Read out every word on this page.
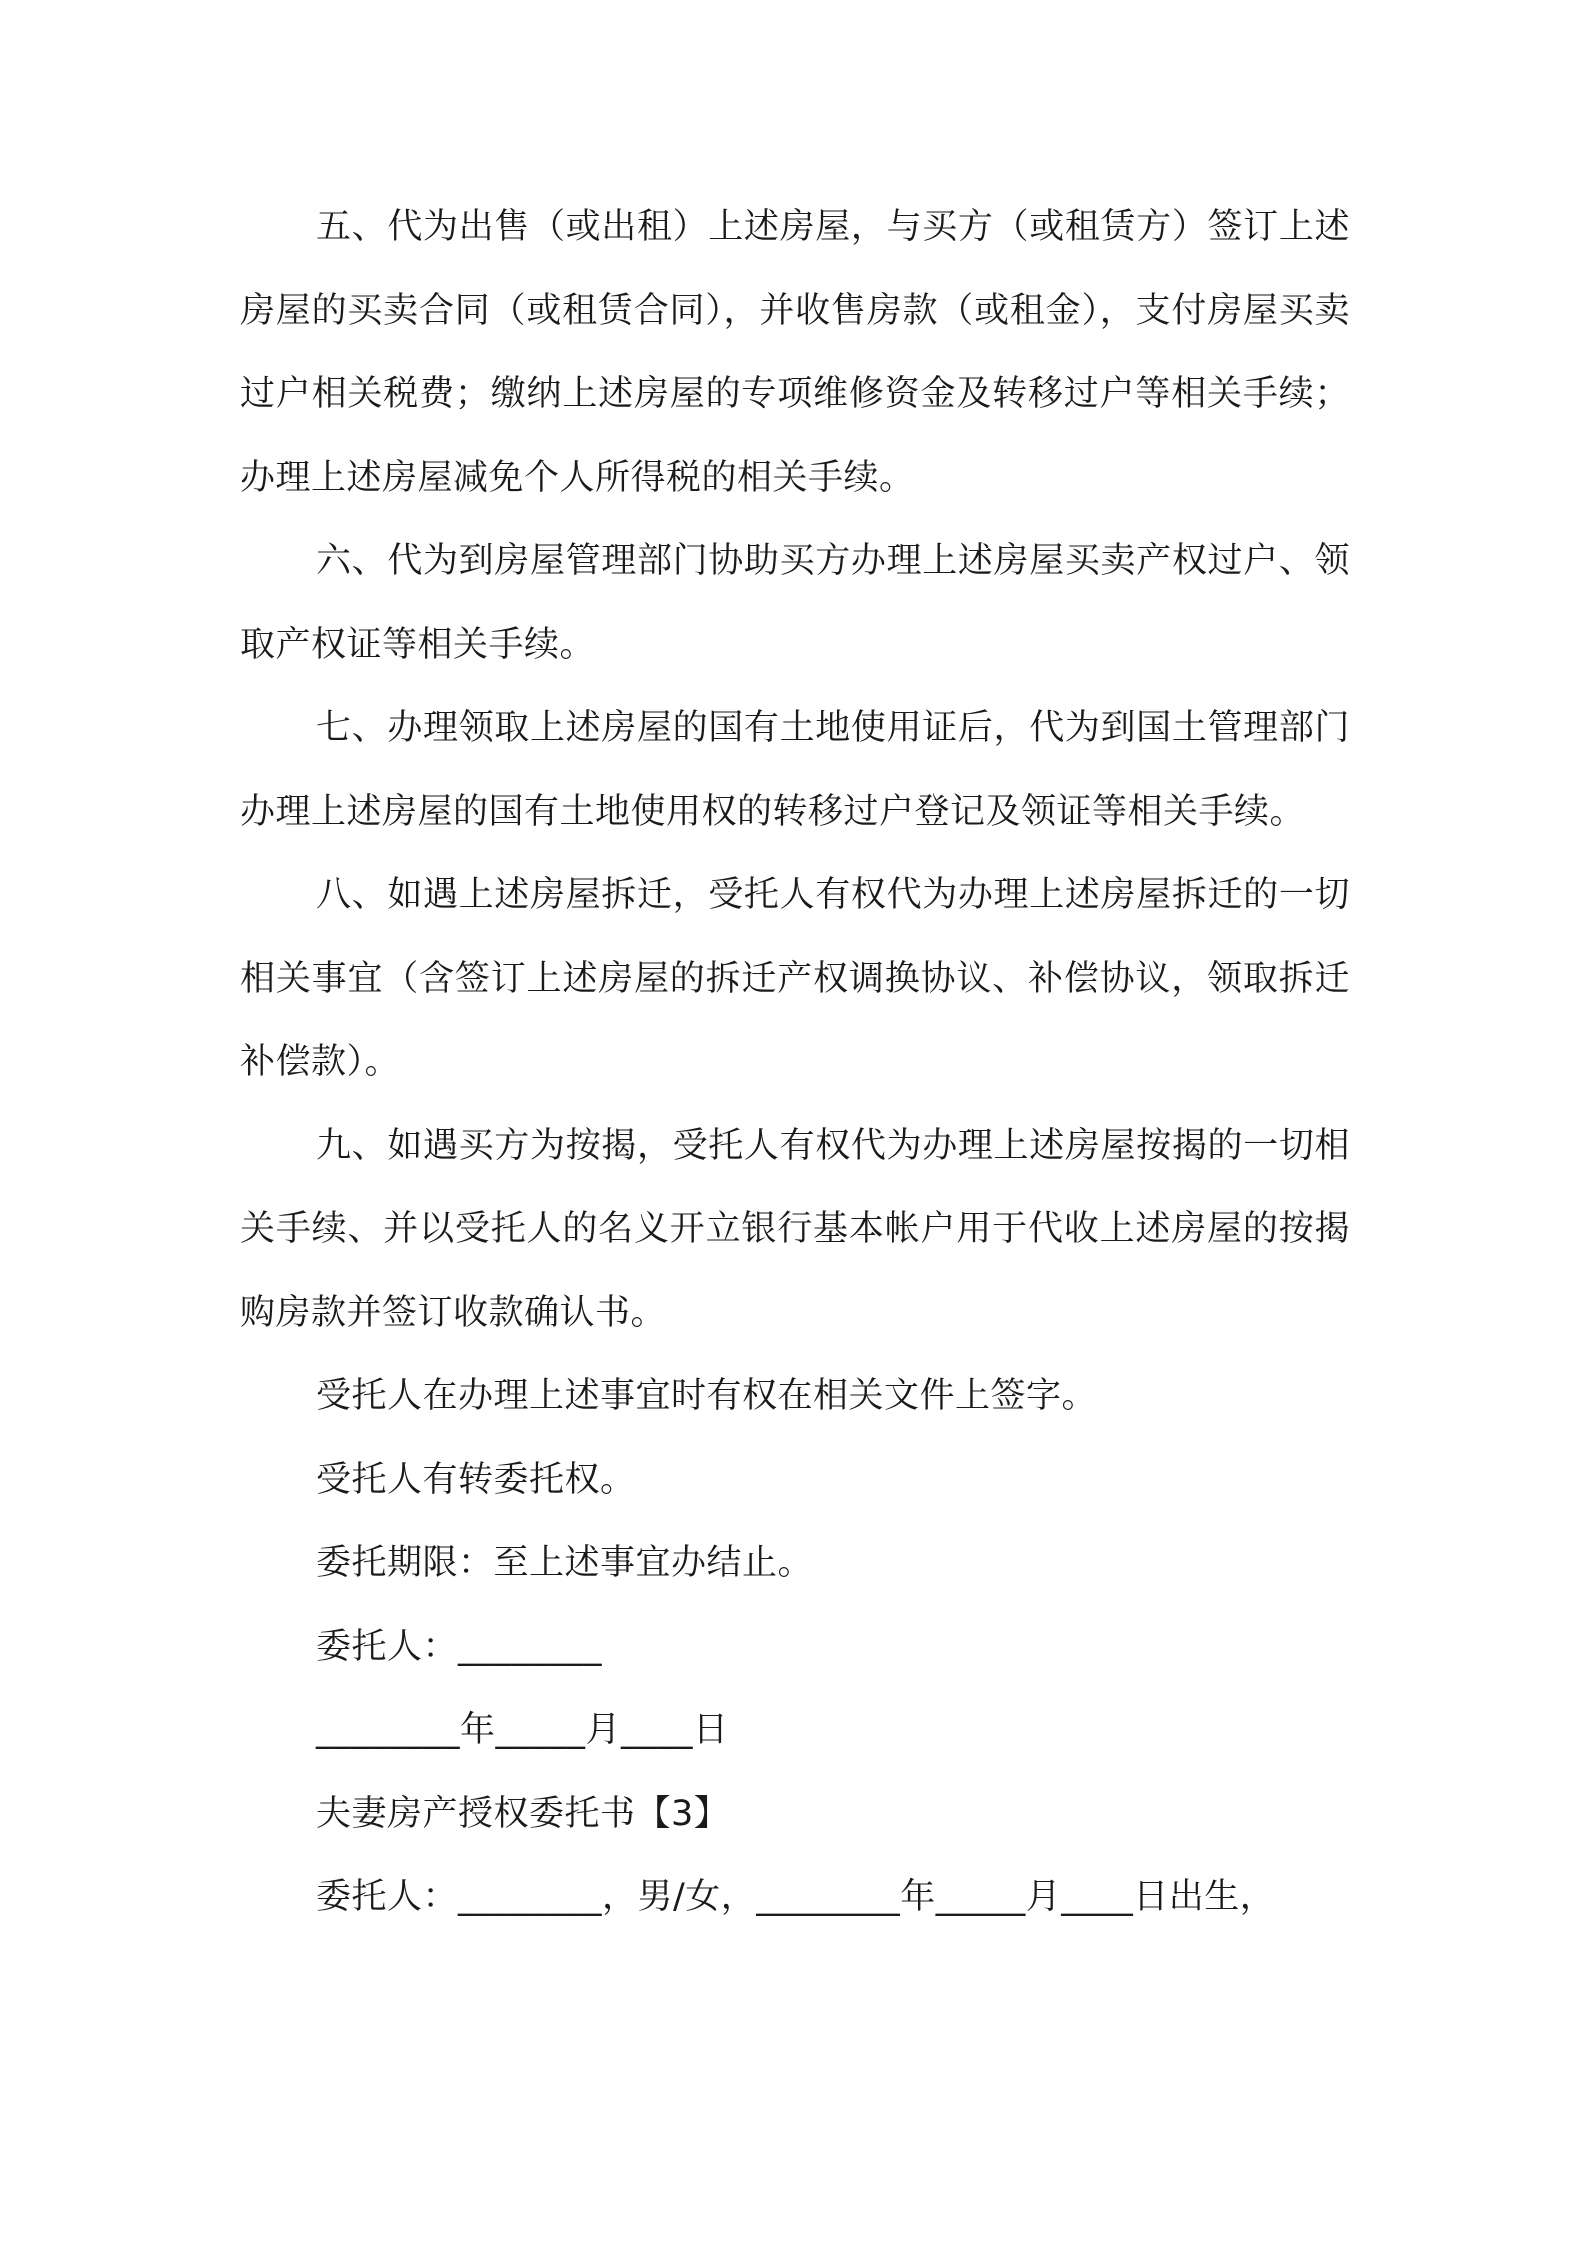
五、代为出售（或出租）上述房屋，与买方（或租赁方）签订上述房屋的买卖合同（或租赁合同），并收售房款（或租金），支付房屋买卖过户相关税费；缴纳上述房屋的专项维修资金及转移过户等相关手续；办理上述房屋减免个人所得税的相关手续。

六、代为到房屋管理部门协助买方办理上述房屋买卖产权过户、领取产权证等相关手续。

七、办理领取上述房屋的国有土地使用证后，代为到国土管理部门办理上述房屋的国有土地使用权的转移过户登记及领证等相关手续。

八、如遇上述房屋拆迁，受托人有权代为办理上述房屋拆迁的一切相关事宜（含签订上述房屋的拆迁产权调换协议、补偿协议，领取拆迁补偿款）。

九、如遇买方为按揭，受托人有权代为办理上述房屋按揭的一切相关手续、并以受托人的名义开立银行基本帐户用于代收上述房屋的按揭购房款并签订收款确认书。

受托人在办理上述事宜时有权在相关文件上签字。

受托人有转委托权。

委托期限：至上述事宜办结止。

委托人：________

________年_____月____日

夫妻房产授权委托书【3】

委托人：________，男/女，________年_____月____日出生，
